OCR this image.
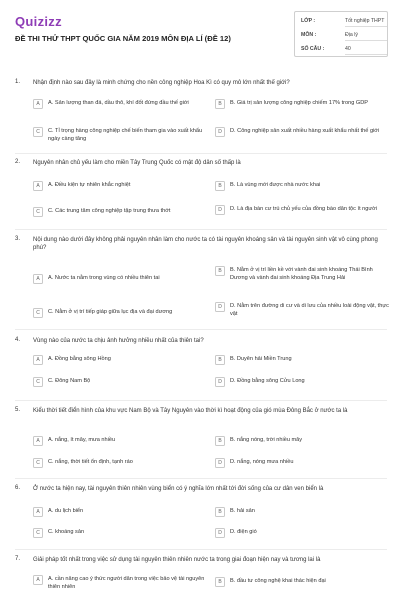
Quizizz
ĐỀ THI THỬ THPT QUỐC GIA NĂM 2019 MÔN ĐỊA LÍ (ĐỀ 12)
LỚP :	Tốt nghiệp THPT
MÔN :	Địa lý
SỐ CÂU :	40
1. Nhận định nào sau đây là minh chứng cho nền công nghiệp Hoa Kì có quy mô lớn nhất thế giới?
A	A. Sản lượng than đá, dầu thô, khí đốt đứng đầu thế giới	B	B. Giá trị sản lượng công nghiệp chiếm 17% trong GDP
C	C. Tỉ trọng hàng công nghiệp chế biến tham gia vào xuất khẩu ngày càng tăng
D	D. Công nghiệp sản xuất nhiều hàng xuất khẩu nhất thế giới
2. Nguyên nhân chủ yếu làm cho miền Tây Trung Quốc có mật độ dân số thấp là
A	A. Điều kiện tự nhiên khắc nghiệt	B	B. Là vùng mới được nhà nước khai
C	C. Các trung tâm công nghiệp tập trung thưa thớt	D	D. Là địa bàn cư trú chủ yếu của đồng bào dân tộc ít người
3. Nội dung nào dưới đây không phải nguyên nhân làm cho nước ta có tài nguyên khoáng sản và tài nguyên sinh vật vô cùng phong phú?
A	A. Nước ta nằm trong vùng có nhiều thiên tai
B	B. Nằm ở vị trí liền kề với vành đai sinh khoáng Thái Bình Dương và vành đai sinh khoáng Địa Trung Hải
C	C. Nằm ở vị trí tiếp giáp giữa lục địa và đại dương
D	D. Nằm trên đường di cư và di lưu của nhiều loài động vật, thực vật
4. Vùng nào của nước ta chịu ảnh hưởng nhiều nhất của thiên tai?
A	A. Đồng bằng sông Hồng	B	B. Duyên hải Miền Trung
C	C. Đông Nam Bộ	D	D. Đồng bằng sông Cửu Long
5. Kiểu thời tiết điển hình của khu vực Nam Bộ và Tây Nguyên vào thời kì hoạt động của gió mùa Đông Bắc ở nước ta là
A	A. nắng, ít mây, mưa nhiều	B	B. nắng nóng, trời nhiều mây
C	C. nắng, thời tiết ổn định, tạnh ráo	D	D. nắng, nóng mưa nhiều
6. Ở nước ta hiện nay, tài nguyên thiên nhiên vùng biển có ý nghĩa lớn nhất tới đời sống của cư dân ven biển là
A	A. du lịch biển	B	B. hải sản
C	C. khoáng sản	D	D. điện gió
7. Giải pháp tốt nhất trong việc sử dụng tài nguyên thiên nhiên nước ta trong giai đoạn hiện nay và tương lai là
A	A. cần nâng cao ý thức người dân trong việc bảo vệ tài nguyên thiên nhiên
B	B. đầu tư công nghệ khai thác hiện đại
